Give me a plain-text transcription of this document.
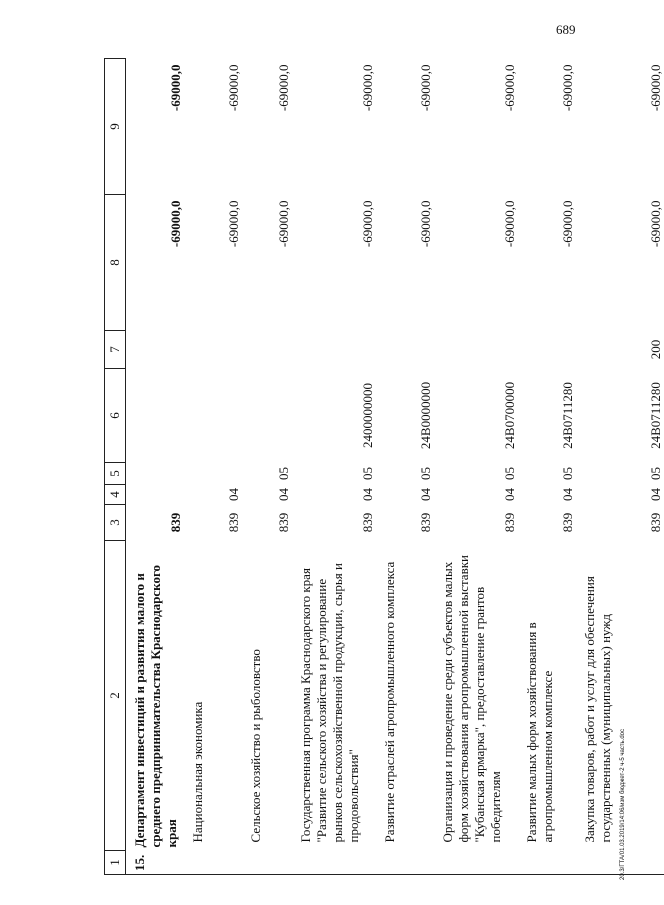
689
20.3/ГТА/01.03.2019/14:06/изм бюджет-2 ч-5 часть.doc
1	2	3	4	5	6	7	8	9
15.	Департамент инвестиций и развития малого и среднего предпринимательства Краснодарского края	839					-69000,0	-69000,0
	Национальная экономика	839	04				-69000,0	-69000,0
	Сельское хозяйство и рыболовство	839	04	05			-69000,0	-69000,0
	Государственная программа Краснодарского края "Развитие сельского хозяйства и регулирование рынков сельскохозяйственной продукции, сырья и продовольствия"	839	04	05	2400000000		-69000,0	-69000,0
	Развитие отраслей агропромышленного комплекса	839	04	05	24В0000000		-69000,0	-69000,0
	Организация и проведение среди субъектов малых форм хозяйствования агропромышленной выставки "Кубанская ярмарка", предоставление грантов победителям	839	04	05	24В0700000		-69000,0	-69000,0
	Развитие малых форм хозяйствования в агропромышленном комплексе	839	04	05	24В0711280		-69000,0	-69000,0
	Закупка товаров, работ и услуг для обеспечения государственных (муниципальных) нужд	839	04	05	24В0711280	200	-69000,0	-69000,0
